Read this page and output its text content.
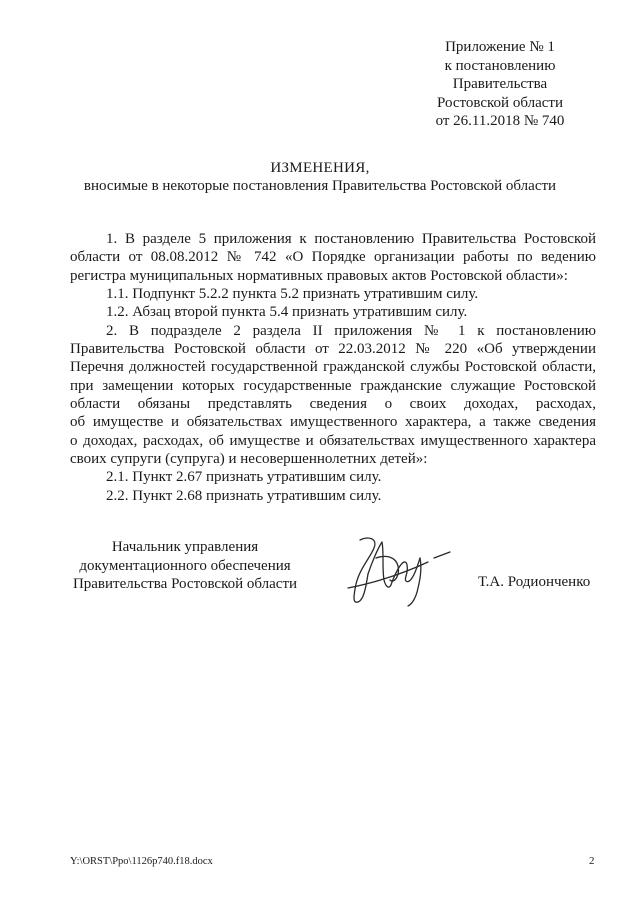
Приложение № 1
к постановлению
Правительства
Ростовской области
от 26.11.2018 № 740
ИЗМЕНЕНИЯ,
вносимые в некоторые постановления Правительства Ростовской области
1. В разделе 5 приложения к постановлению Правительства Ростовской
области от 08.08.2012 № 742 «О Порядке организации работы по ведению
регистра муниципальных нормативных правовых актов Ростовской области»:
1.1. Подпункт 5.2.2 пункта 5.2 признать утратившим силу.
1.2. Абзац второй пункта 5.4 признать утратившим силу.
2. В подразделе 2 раздела II приложения № 1 к постановлению
Правительства Ростовской области от 22.03.2012 № 220 «Об утверждении
Перечня должностей государственной гражданской службы Ростовской области,
при замещении которых государственные гражданские служащие Ростовской
области обязаны представлять сведения о своих доходах, расходах,
об имуществе и обязательствах имущественного характера, а также сведения
о доходах, расходах, об имуществе и обязательствах имущественного характера
своих супруги (супруга) и несовершеннолетних детей»:
2.1. Пункт 2.67 признать утратившим силу.
2.2. Пункт 2.68 признать утратившим силу.
Начальник управления
документационного обеспечения
Правительства Ростовской области	Т.А. Родионченко
Y:\ORST\Ppo\1126p740.f18.docx	2
